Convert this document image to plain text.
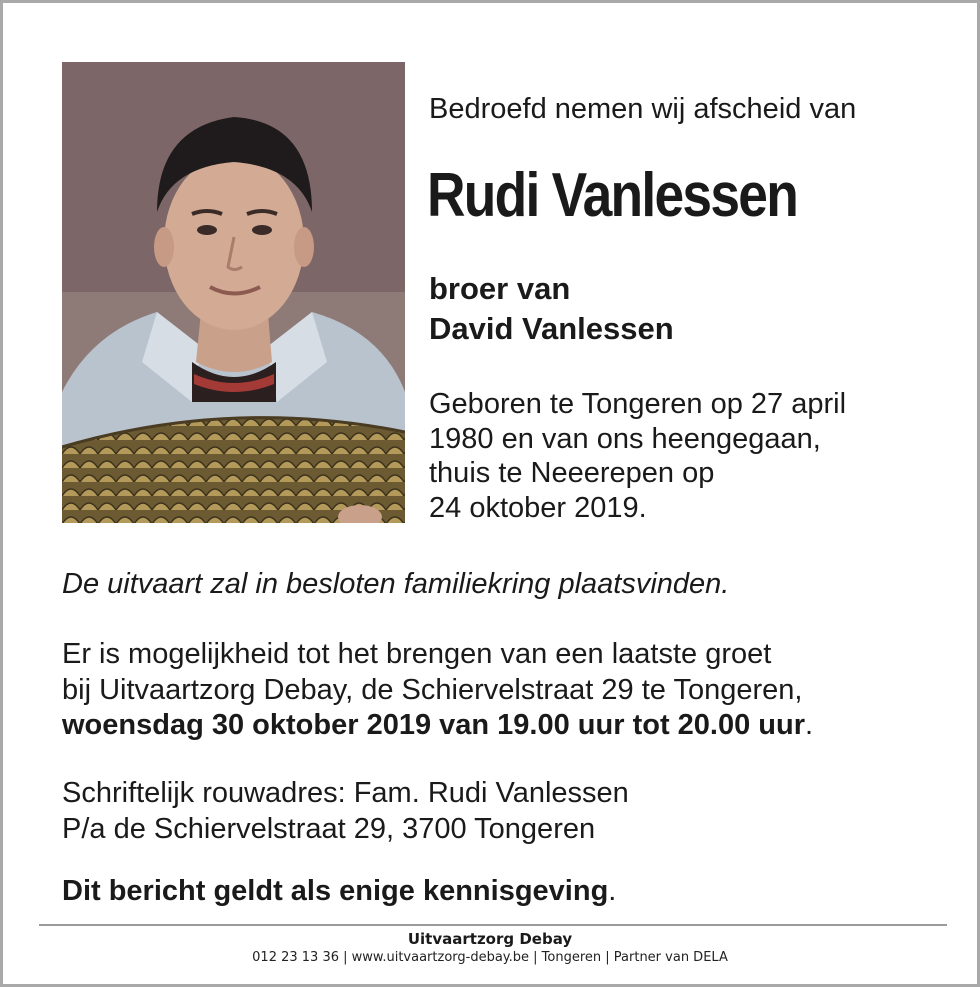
Bedroefd nemen wij afscheid van
Rudi Vanlessen
broer van
David Vanlessen
Geboren te Tongeren op 27 april
1980 en van ons heengegaan,
thuis te Neeerepen op
24 oktober 2019.
De uitvaart zal in besloten familiekring plaatsvinden.
Er is mogelijkheid tot het brengen van een laatste groet
bij Uitvaartzorg Debay, de Schiervelstraat 29 te Tongeren,
woensdag 30 oktober 2019 van 19.00 uur tot 20.00 uur.
Schriftelijk rouwadres: Fam. Rudi Vanlessen
P/a de Schiervelstraat 29, 3700 Tongeren
Dit bericht geldt als enige kennisgeving.
Uitvaartzorg Debay
012 23 13 36 | www.uitvaartzorg-debay.be | Tongeren | Partner van DELA
